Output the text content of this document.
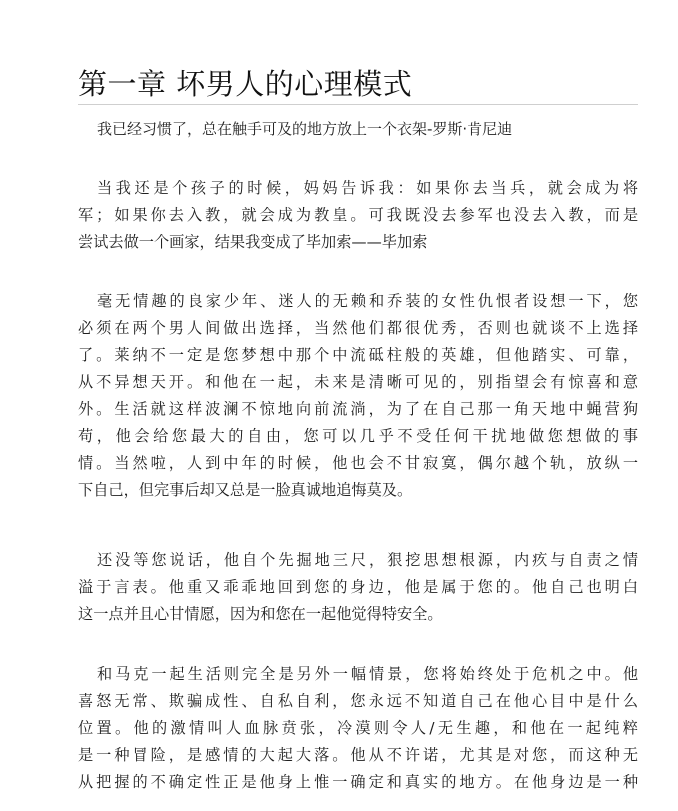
第一章 坏男人的心理模式
我已经习惯了，总在触手可及的地方放上一个衣架-罗斯·肯尼迪
当我还是个孩子的时候，妈妈告诉我：如果你去当兵，就会成为将
军；如果你去入教，就会成为教皇。可我既没去参军也没去入教，而是
尝试去做一个画家，结果我变成了毕加索——毕加索
毫无情趣的良家少年、迷人的无赖和乔装的女性仇恨者设想一下，您
必须在两个男人间做出选择，当然他们都很优秀，否则也就谈不上选择
了。莱纳不一定是您梦想中那个中流砥柱般的英雄，但他踏实、可靠，
从不异想天开。和他在一起，未来是清晰可见的，别指望会有惊喜和意
外。生活就这样波澜不惊地向前流淌，为了在自己那一角天地中蝇营狗
苟，他会给您最大的自由，您可以几乎不受任何干扰地做您想做的事
情。当然啦，人到中年的时候，他也会不甘寂寞，偶尔越个轨，放纵一
下自己，但完事后却又总是一脸真诚地追悔莫及。
还没等您说话，他自个先掘地三尺，狠挖思想根源，内疚与自责之情
溢于言表。他重又乖乖地回到您的身边，他是属于您的。他自己也明白
这一点并且心甘情愿，因为和您在一起他觉得特安全。
和马克一起生活则完全是另外一幅情景，您将始终处于危机之中。他
喜怒无常、欺骗成性、自私自利，您永远不知道自己在他心目中是什么
位置。他的激情叫人血脉贲张，冷漠则令人/无生趣，和他在一起纯粹
是一种冒险，是感情的大起大落。他从不许诺，尤其是对您，而这种无
从把握的不确定性正是他身上惟一确定和真实的地方。在他身边是一种
